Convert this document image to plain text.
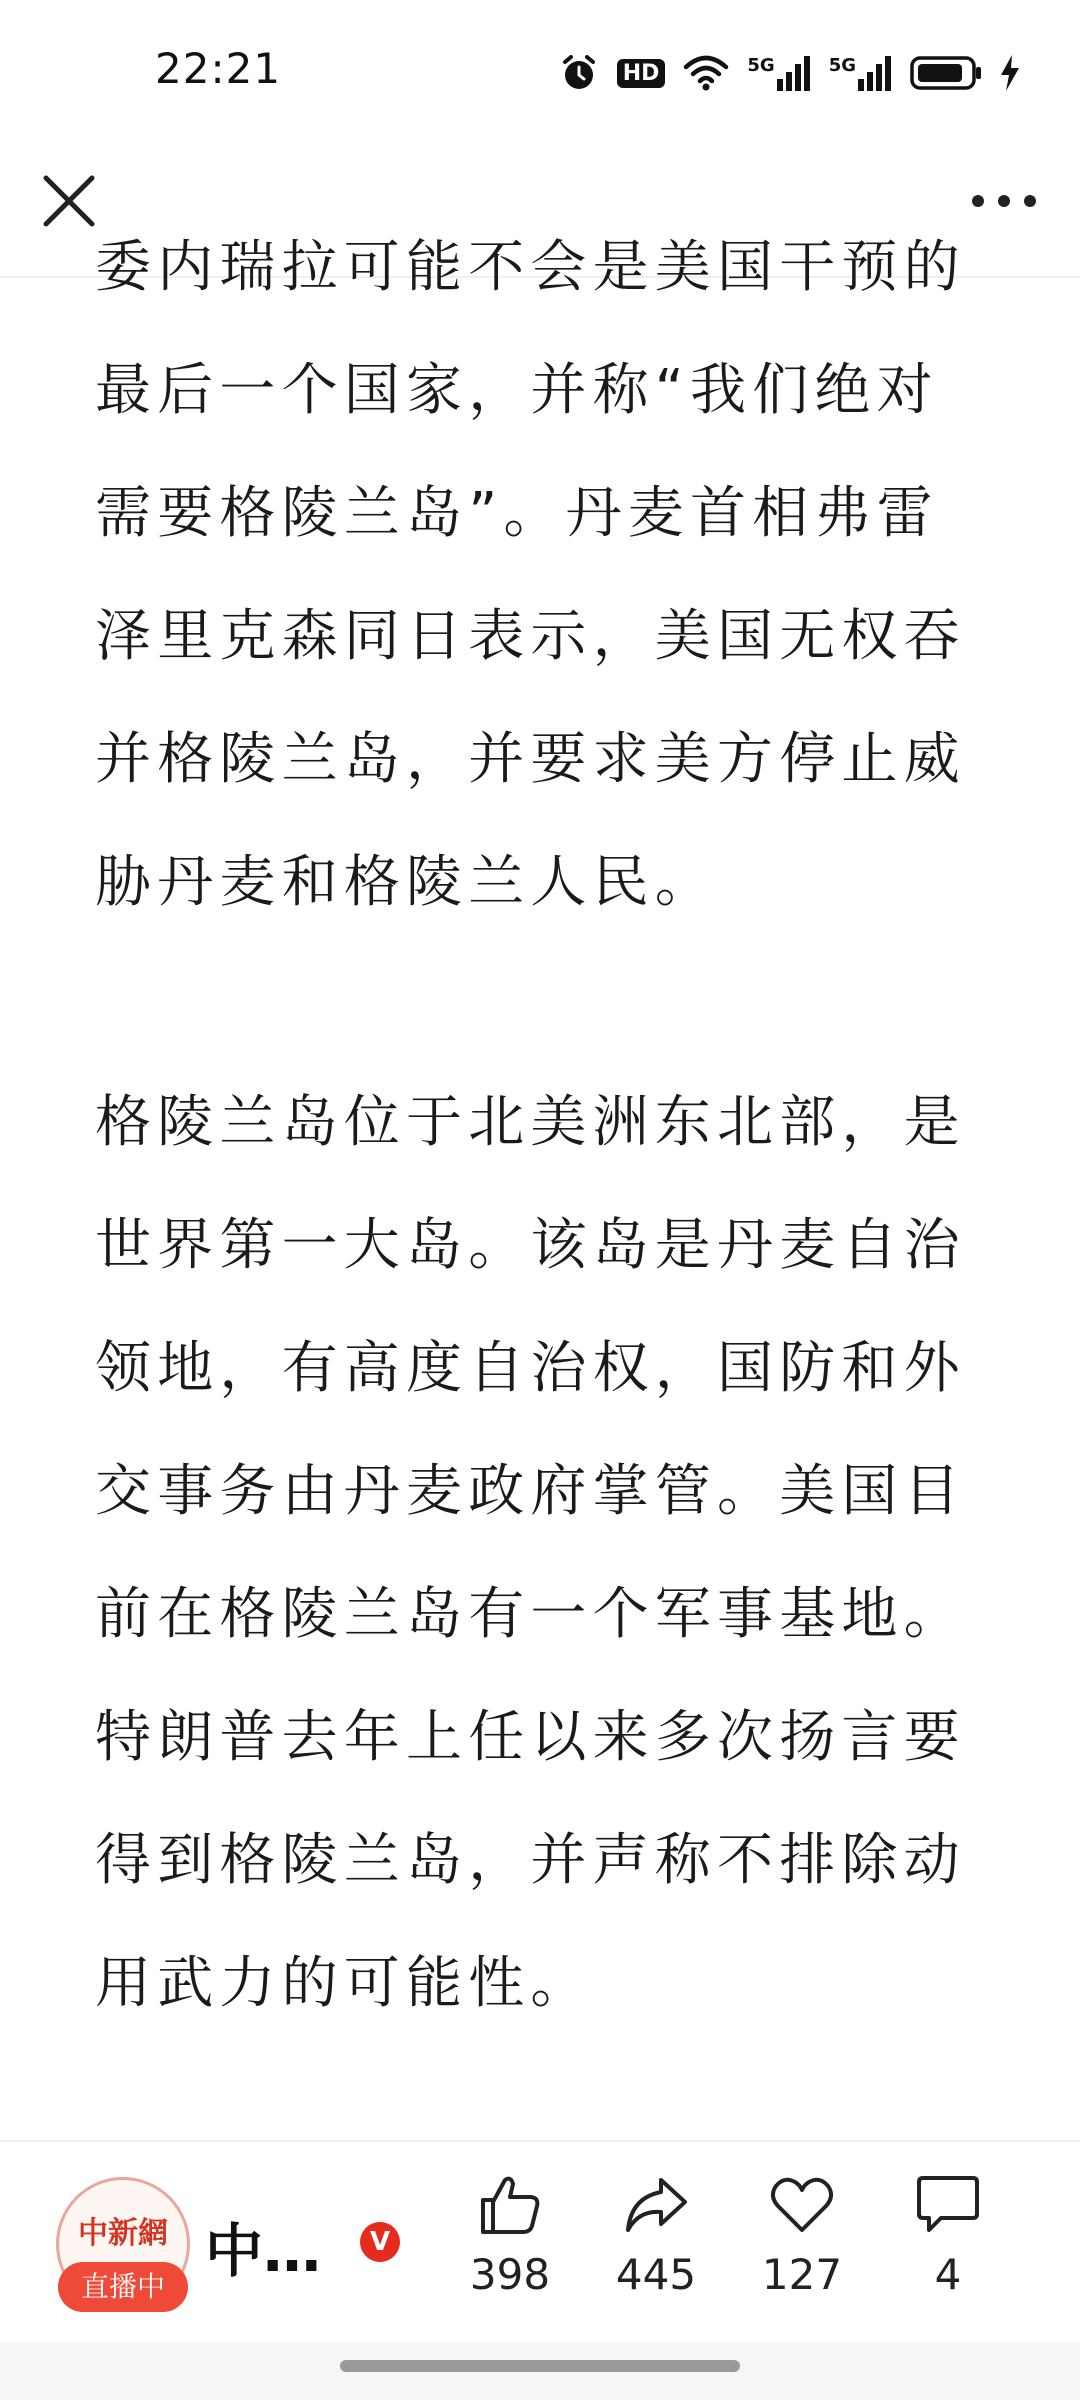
22:21	HD	5G	5G

委内瑞拉可能不会是美国干预的最后一个国家，并称“我们绝对需要格陵兰岛”。丹麦首相弗雷泽里克森同日表示，美国无权吞并格陵兰岛，并要求美方停止威胁丹麦和格陵兰人民。

格陵兰岛位于北美洲东北部，是世界第一大岛。该岛是丹麦自治领地，有高度自治权，国防和外交事务由丹麦政府掌管。美国目前在格陵兰岛有一个军事基地。特朗普去年上任以来多次扬言要得到格陵兰岛，并声称不排除动用武力的可能性。

中新網
直播中
中…	V
398	445	127	4
